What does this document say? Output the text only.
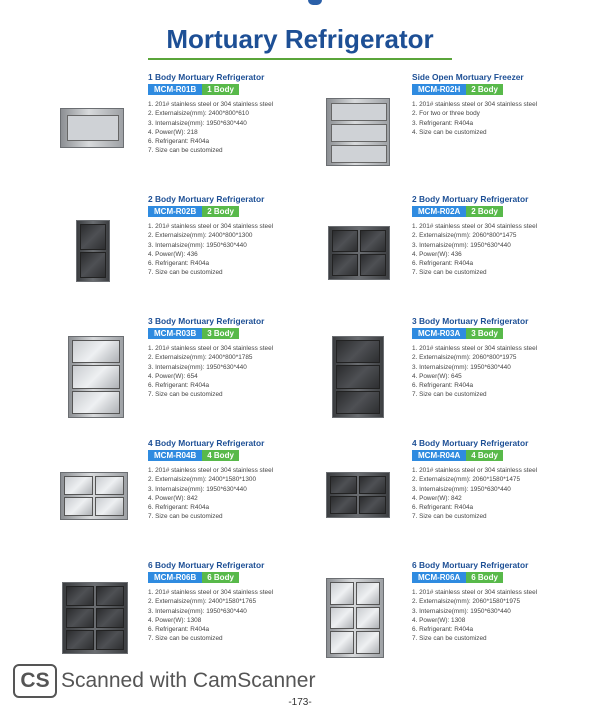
Mortuary Refrigerator
1 Body Mortuary Refrigerator
MCM-R01B	1 Body
1. 201# stainless steel or 304 stainless steel
2. Externalsize(mm): 2400*800*610
3. Internalsize(mm): 1950*630*440
4. Power(W): 218
6. Refrigerant: R404a
7. Size can be customized
Side Open Mortuary Freezer
MCM-R02H	2 Body
1. 201# stainless steel or 304 stainless steel
2. For two or three body
3. Refrigerant: R404a
4. Size can be customized
2 Body Mortuary Refrigerator
MCM-R02B	2 Body
1. 201# stainless steel or 304 stainless steel
2. Externalsize(mm): 2400*800*1300
3. Internalsize(mm): 1950*630*440
4. Power(W): 436
6. Refrigerant: R404a
7. Size can be customized
2 Body Mortuary Refrigerator
MCM-R02A	2 Body
1. 201# stainless steel or 304 stainless steel
2. Externalsize(mm): 2060*800*1475
3. Internalsize(mm): 1950*630*440
4. Power(W): 436
6. Refrigerant: R404a
7. Size can be customized
3 Body Mortuary Refrigerator
MCM-R03B	3 Body
1. 201# stainless steel or 304 stainless steel
2. Externalsize(mm): 2400*800*1785
3. Internalsize(mm): 1950*630*440
4. Power(W): 654
6. Refrigerant: R404a
7. Size can be customized
3 Body Mortuary Refrigerator
MCM-R03A	3 Body
1. 201# stainless steel or 304 stainless steel
2. Externalsize(mm): 2060*800*1975
3. Internalsize(mm): 1950*630*440
4. Power(W): 645
6. Refrigerant: R404a
7. Size can be customized
4 Body Mortuary Refrigerator
MCM-R04B	4 Body
1. 201# stainless steel or 304 stainless steel
2. Externalsize(mm): 2400*1580*1300
3. Internalsize(mm): 1950*630*440
4. Power(W): 842
6. Refrigerant: R404a
7. Size can be customized
4 Body Mortuary Refrigerator
MCM-R04A	4 Body
1. 201# stainless steel or 304 stainless steel
2. Externalsize(mm): 2060*1580*1475
3. Internalsize(mm): 1950*630*440
4. Power(W): 842
6. Refrigerant: R404a
7. Size can be customized
6 Body Mortuary Refrigerator
MCM-R06B	6 Body
1. 201# stainless steel or 304 stainless steel
2. Externalsize(mm): 2400*1580*1765
3. Internalsize(mm): 1950*630*440
4. Power(W): 1308
6. Refrigerant: R404a
7. Size can be customized
6 Body Mortuary Refrigerator
MCM-R06A	6 Body
1. 201# stainless steel or 304 stainless steel
2. Externalsize(mm): 2060*1580*1975
3. Internalsize(mm): 1950*630*440
4. Power(W): 1308
6. Refrigerant: R404a
7. Size can be customized
CS Scanned with CamScanner
-173-
